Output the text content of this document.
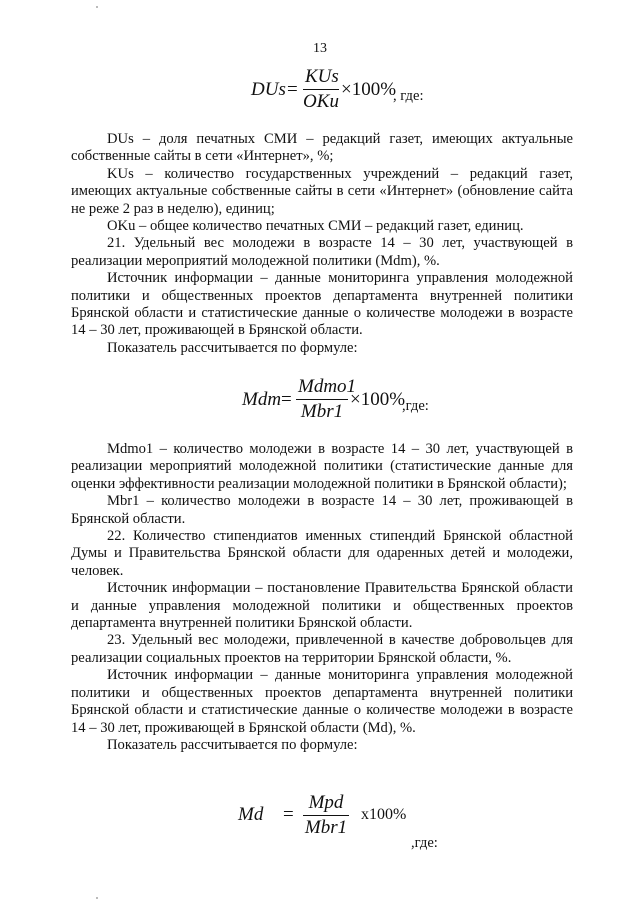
13
DUs =
KUs
OKu
×100%
, где:

DUs – доля печатных СМИ – редакций газет, имеющих актуальные собственные сайты в сети «Интернет», %;

KUs – количество государственных учреждений – редакций газет, имеющих актуальные собственные сайты в сети «Интернет» (обновление сайта не реже 2 раз в неделю), единиц;

OKu – общее количество печатных СМИ – редакций газет, единиц.

21. Удельный вес молодежи в возрасте 14 – 30 лет, участвующей в реализации мероприятий молодежной политики (Mdm), %.

Источник информации – данные мониторинга управления молодежной политики и общественных проектов департамента внутренней политики Брянской области и статистические данные о количестве молодежи в возрасте 14 – 30 лет, проживающей в Брянской области.

Показатель рассчитывается по формуле:

Mdm =
Mdmo1
Mbr1
×100%
,где:

Mdmo1 – количество молодежи в возрасте 14 – 30 лет, участвующей в реализации мероприятий молодежной политики (статистические данные для оценки эффективности реализации молодежной политики в Брянской области);

Mbr1 – количество молодежи в возрасте 14 – 30 лет, проживающей в Брянской области.

22. Количество стипендиатов именных стипендий Брянской областной Думы и Правительства Брянской области для одаренных детей и молодежи, человек.

Источник информации – постановление Правительства Брянской области и данные управления молодежной политики и общественных проектов департамента внутренней политики Брянской области.

23. Удельный вес молодежи, привлеченной в качестве добровольцев для реализации социальных проектов на территории Брянской области, %.

Источник информации – данные мониторинга управления молодежной политики и общественных проектов департамента внутренней политики Брянской области и статистические данные о количестве молодежи в возрасте 14 – 30 лет, проживающей в Брянской области (Md), %.

Показатель рассчитывается по формуле:

Md =
Mpd
Mbr1
x100%
,где:
